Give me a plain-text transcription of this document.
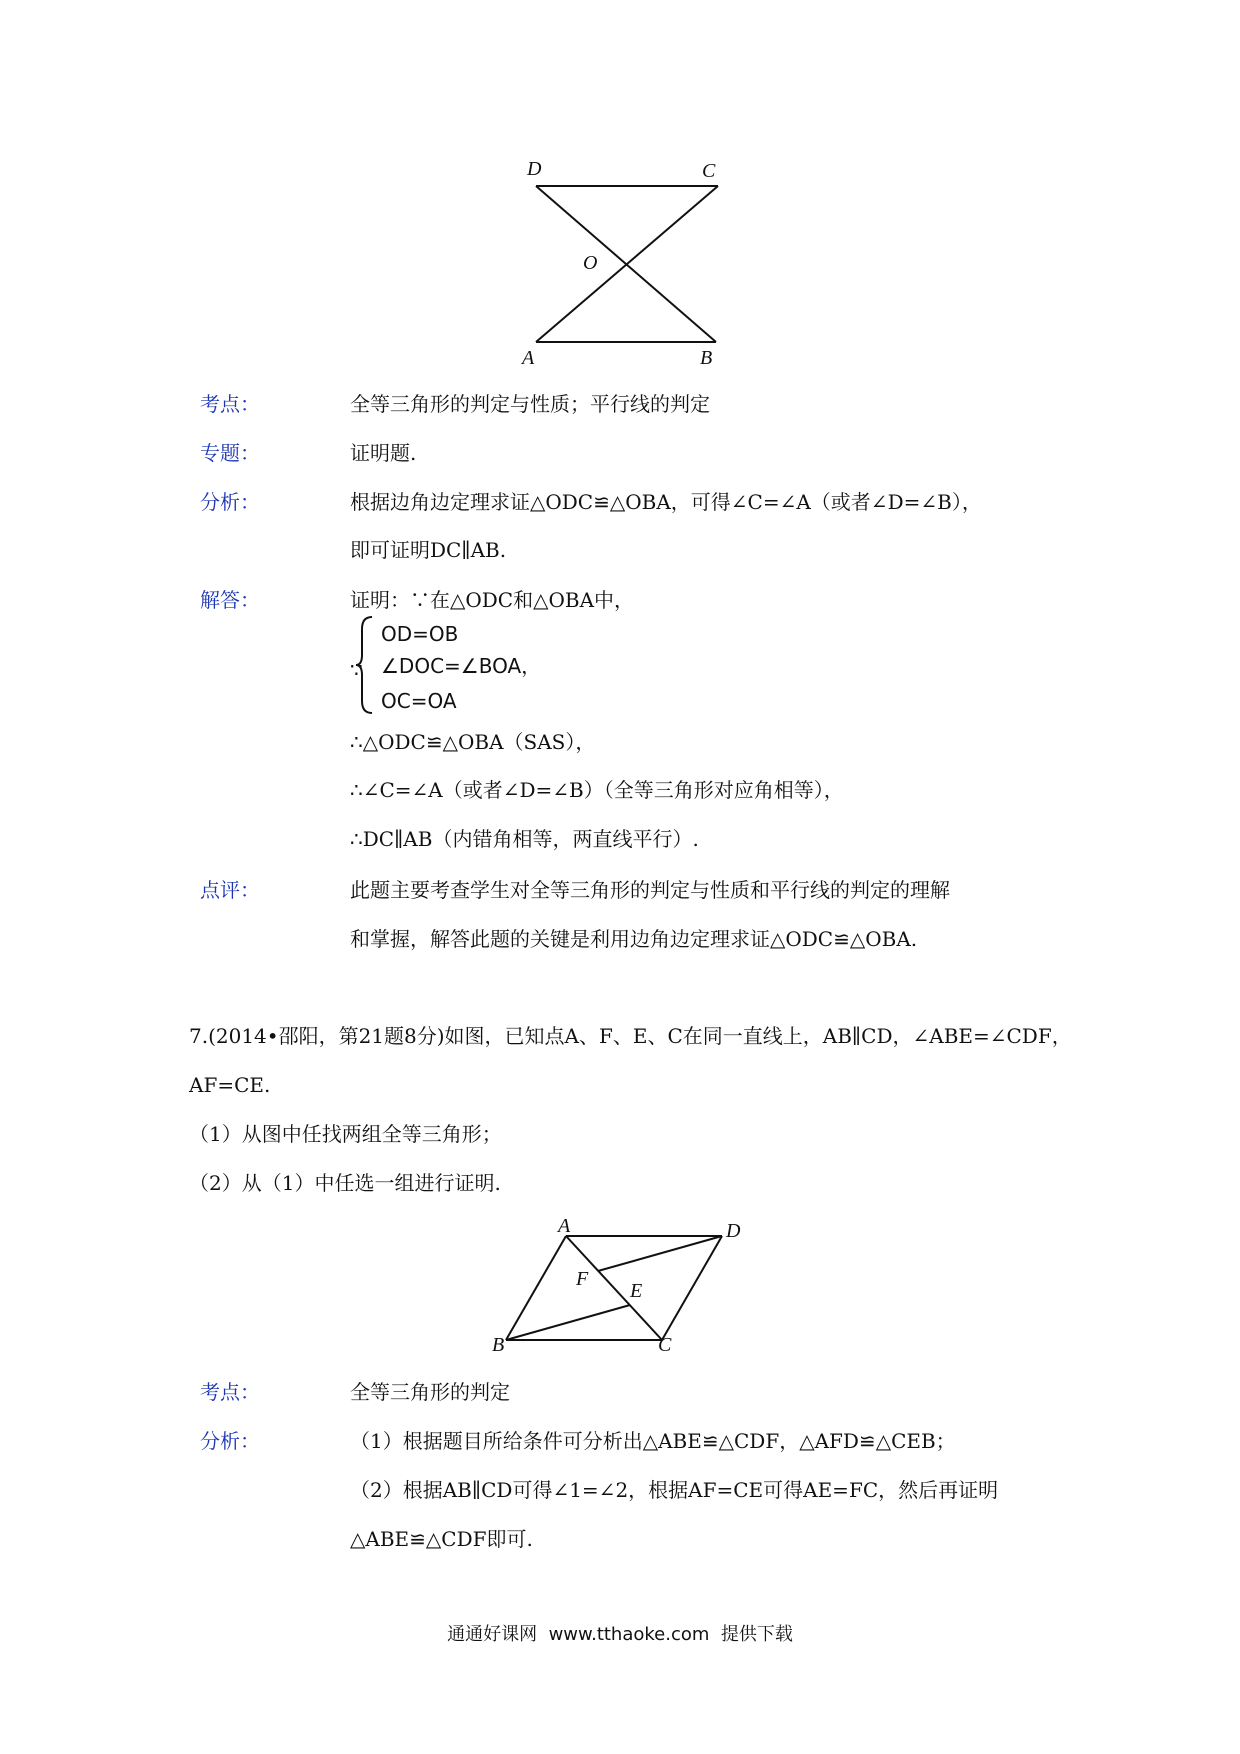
D	C
O
A	B
考点：	全等三角形的判定与性质；平行线的判定
专题：	证明题.
分析：	根据边角边定理求证△ODC≌△OBA，可得∠C=∠A（或者∠D=∠B），
即可证明DC∥AB.
解答：	证明：∵在△ODC和△OBA中，
∵
OD=OB
∠DOC=∠BOA，
OC=OA
∴△ODC≌△OBA（SAS），
∴∠C=∠A（或者∠D=∠B）（全等三角形对应角相等），
∴DC∥AB（内错角相等，两直线平行）.
点评：	此题主要考查学生对全等三角形的判定与性质和平行线的判定的理解
和掌握，解答此题的关键是利用边角边定理求证△ODC≌△OBA.
7.(2014•邵阳，第21题8分)如图，已知点A、F、E、C在同一直线上，AB∥CD，∠ABE=∠CDF，
AF=CE.
（1）从图中任找两组全等三角形；
（2）从（1）中任选一组进行证明.
A	D
F
E
B	C
考点：	全等三角形的判定
分析：	（1）根据题目所给条件可分析出△ABE≌△CDF，△AFD≌△CEB；
（2）根据AB∥CD可得∠1=∠2，根据AF=CE可得AE=FC，然后再证明
△ABE≌△CDF即可.
通通好课网  www.tthaoke.com  提供下载
